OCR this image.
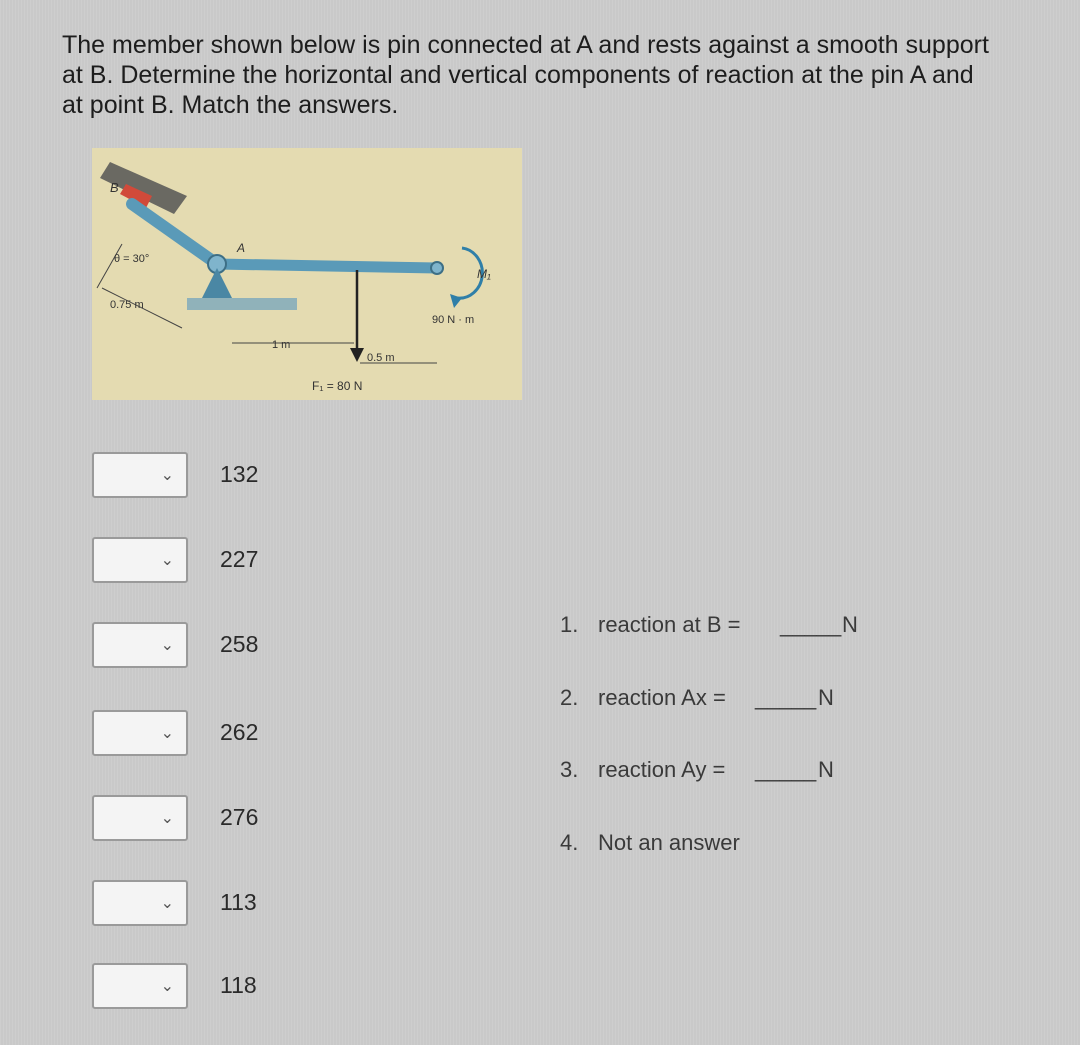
The member shown below is pin connected at A and rests against a smooth support
at B. Determine the horizontal and vertical components of reaction at the pin A and
at point B. Match the answers.
B
A
θ = 30°
0.75 m
1 m
0.5 m
F₁ = 80 N
M₁
90 N · m
⌄ 132
⌄ 227
⌄ 258
⌄ 262
⌄ 276
⌄ 113
⌄ 118
1. reaction at B = _____ N
2. reaction Ax = _____ N
3. reaction Ay = _____ N
4. Not an answer
